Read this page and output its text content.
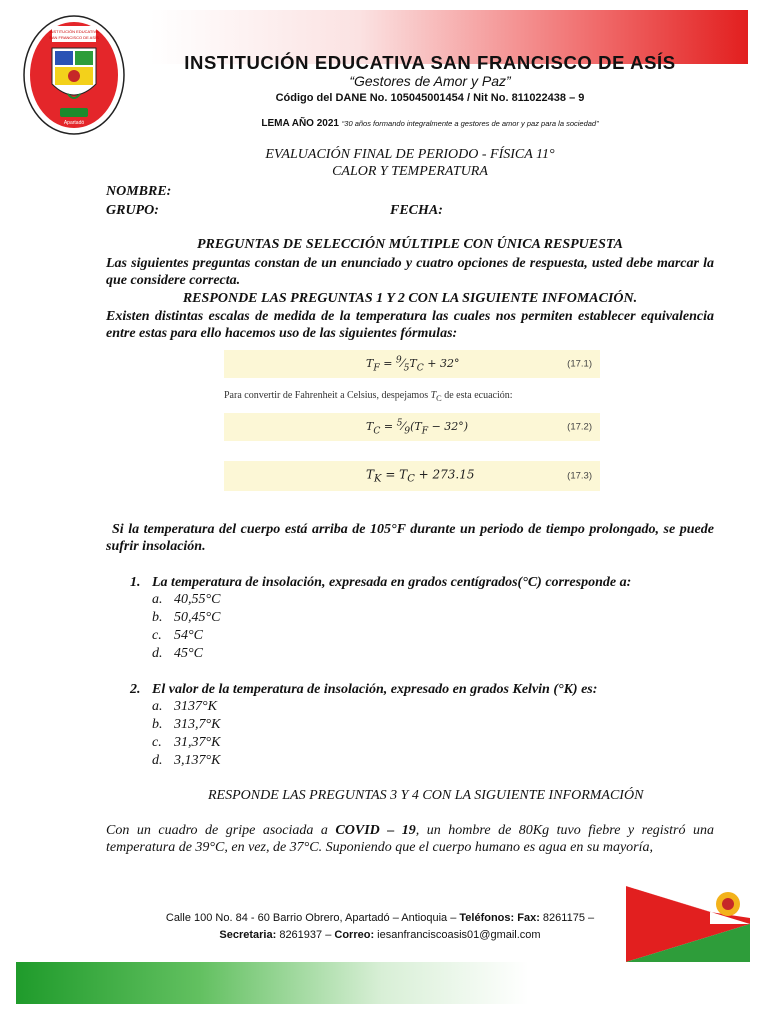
INSTITUCIÓN EDUCATIVA
SAN FRANCISCO DE ASÍS
Apartadó
INSTITUCIÓN EDUCATIVA SAN FRANCISCO DE ASÍS
“Gestores de Amor y Paz”
Código del DANE No. 105045001454 / Nit No. 811022438 – 9
LEMA AÑO 2021 “30 años formando integralmente a gestores de amor y paz para la sociedad”
EVALUACIÓN FINAL DE PERIODO - FÍSICA 11°
CALOR Y TEMPERATURA
NOMBRE:
GRUPO:	FECHA:
PREGUNTAS DE SELECCIÓN MÚLTIPLE CON ÚNICA RESPUESTA
Las siguientes preguntas constan de un enunciado y cuatro opciones de respuesta, usted debe marcar la que considere correcta.
RESPONDE LAS PREGUNTAS 1 Y 2 CON LA SIGUIENTE INFOMACIÓN.
Existen distintas escalas de medida de la temperatura las cuales nos permiten establecer equivalencia entre estas para ello hacemos uso de las siguientes fórmulas:
$T_F$ = $^9⁄_5T_C + 32^\circ$	(17.1)
Para convertir de Fahrenheit a Celsius, despejamos $T_C$ de esta ecuación:
$T_C$ = $^5⁄_9(T_F - 32^\circ)$	(17.2)
$T_K = T_C + 273.15$	(17.3)
Si la temperatura del cuerpo está arriba de 105°F durante un periodo de tiempo prolongado, se puede sufrir insolación.
1. La temperatura de insolación, expresada en grados centígrados(°C) corresponde a:
a. 40,55°C
b. 50,45°C
c. 54°C
d. 45°C
2. El valor de la temperatura de insolación, expresado en grados Kelvin (°K) es:
a. 3137°K
b. 313,7°K
c. 31,37°K
d. 3,137°K
RESPONDE LAS PREGUNTAS 3 Y 4 CON LA SIGUIENTE INFORMACIÓN
Con un cuadro de gripe asociada a COVID – 19, un hombre de 80Kg tuvo fiebre y registró una temperatura de 39°C, en vez, de 37°C. Suponiendo que el cuerpo humano es agua en su mayoría,
Calle 100 No. 84 - 60 Barrio Obrero, Apartadó – Antioquia – Teléfonos: Fax: 8261175 –
Secretaria: 8261937 – Correo: iesanfranciscoasis01@gmail.com
